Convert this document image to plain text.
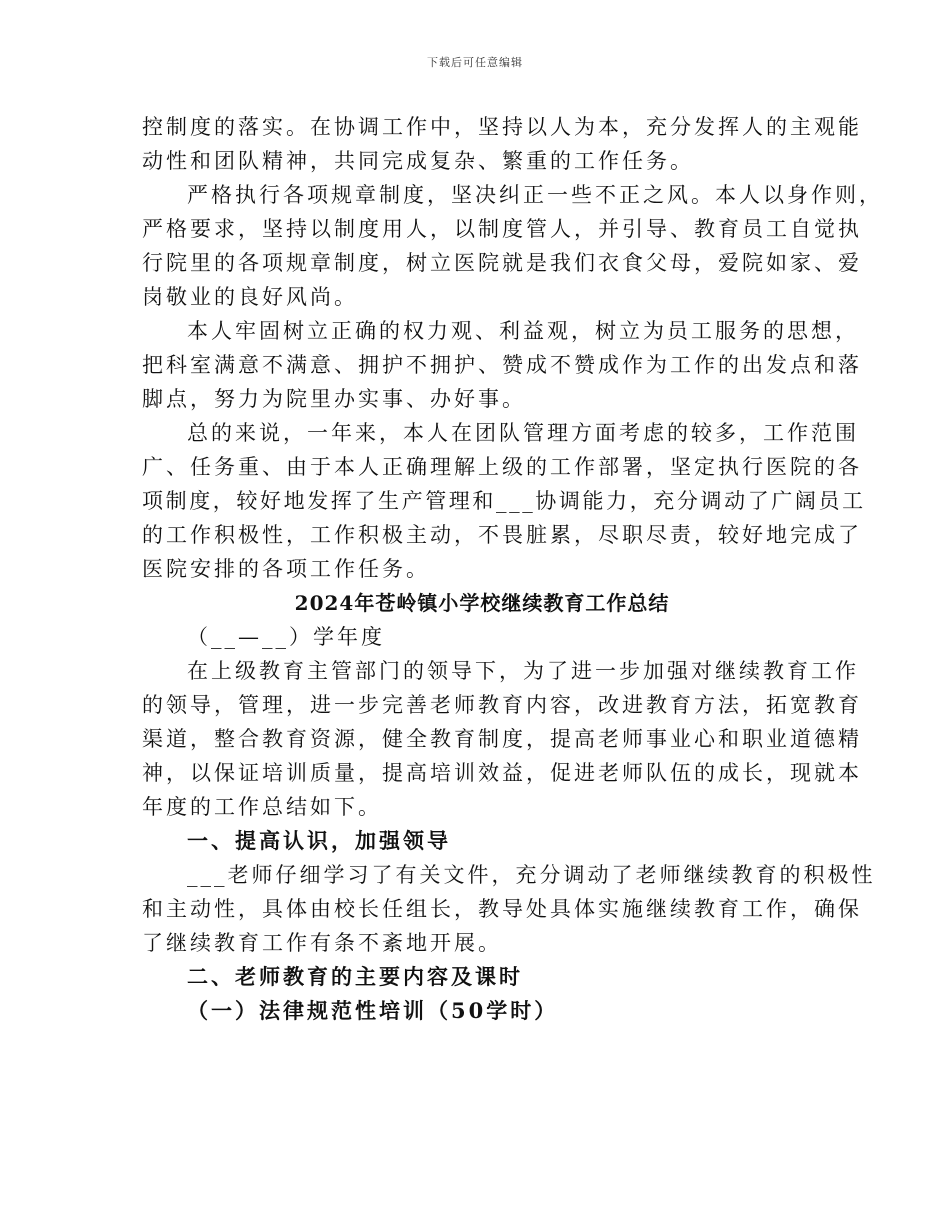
下载后可任意编辑
控制度的落实。在协调工作中，坚持以人为本，充分发挥人的主观能
动性和团队精神，共同完成复杂、繁重的工作任务。
严格执行各项规章制度，坚决纠正一些不正之风。本人以身作则，
严格要求，坚持以制度用人，以制度管人，并引导、教育员工自觉执
行院里的各项规章制度，树立医院就是我们衣食父母，爱院如家、爱
岗敬业的良好风尚。
本人牢固树立正确的权力观、利益观，树立为员工服务的思想，
把科室满意不满意、拥护不拥护、赞成不赞成作为工作的出发点和落
脚点，努力为院里办实事、办好事。
总的来说，一年来，本人在团队管理方面考虑的较多，工作范围
广、任务重、由于本人正确理解上级的工作部署，坚定执行医院的各
项制度，较好地发挥了生产管理和___协调能力，充分调动了广阔员工
的工作积极性，工作积极主动，不畏脏累，尽职尽责，较好地完成了
医院安排的各项工作任务。
2024年苍岭镇小学校继续教育工作总结
（__—__）学年度
在上级教育主管部门的领导下，为了进一步加强对继续教育工作
的领导，管理，进一步完善老师教育内容，改进教育方法，拓宽教育
渠道，整合教育资源，健全教育制度，提高老师事业心和职业道德精
神，以保证培训质量，提高培训效益，促进老师队伍的成长，现就本
年度的工作总结如下。
一、提高认识，加强领导
___老师仔细学习了有关文件，充分调动了老师继续教育的积极性
和主动性，具体由校长任组长，教导处具体实施继续教育工作，确保
了继续教育工作有条不紊地开展。
二、老师教育的主要内容及课时
（一）法律规范性培训（50学时）
